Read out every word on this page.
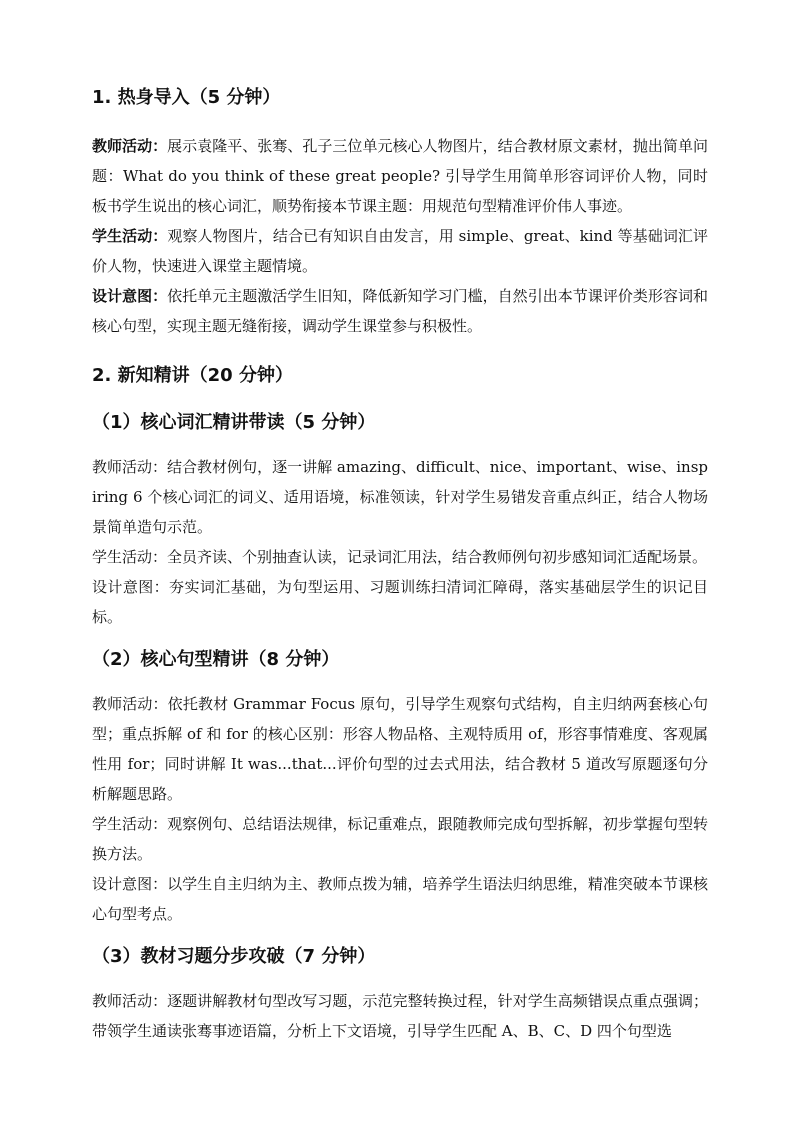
1. 热身导入（5 分钟）

教师活动：展示袁隆平、张骞、孔子三位单元核心人物图片，结合教材原文素材，抛出简单问题：What do you think of these great people? 引导学生用简单形容词评价人物，同时板书学生说出的核心词汇，顺势衔接本节课主题：用规范句型精准评价伟人事迹。

学生活动：观察人物图片，结合已有知识自由发言，用 simple、great、kind 等基础词汇评价人物，快速进入课堂主题情境。

设计意图：依托单元主题激活学生旧知，降低新知学习门槛，自然引出本节课评价类形容词和核心句型，实现主题无缝衔接，调动学生课堂参与积极性。

2. 新知精讲（20 分钟）
（1）核心词汇精讲带读（5 分钟）

教师活动：结合教材例句，逐一讲解 amazing、difficult、nice、important、wise、inspiring 6 个核心词汇的词义、适用语境，标准领读，针对学生易错发音重点纠正，结合人物场景简单造句示范。

学生活动：全员齐读、个别抽查认读，记录词汇用法，结合教师例句初步感知词汇适配场景。

设计意图：夯实词汇基础，为句型运用、习题训练扫清词汇障碍，落实基础层学生的识记目标。

（2）核心句型精讲（8 分钟）

教师活动：依托教材 Grammar Focus 原句，引导学生观察句式结构，自主归纳两套核心句型；重点拆解 of 和 for 的核心区别：形容人物品格、主观特质用 of，形容事情难度、客观属性用 for；同时讲解 It was...that...评价句型的过去式用法，结合教材 5 道改写原题逐句分析解题思路。

学生活动：观察例句、总结语法规律，标记重难点，跟随教师完成句型拆解，初步掌握句型转换方法。

设计意图：以学生自主归纳为主、教师点拨为辅，培养学生语法归纳思维，精准突破本节课核心句型考点。

（3）教材习题分步攻破（7 分钟）

教师活动：逐题讲解教材句型改写习题，示范完整转换过程，针对学生高频错误点重点强调；带领学生通读张骞事迹语篇，分析上下文语境，引导学生匹配 A、B、C、D 四个句型选
